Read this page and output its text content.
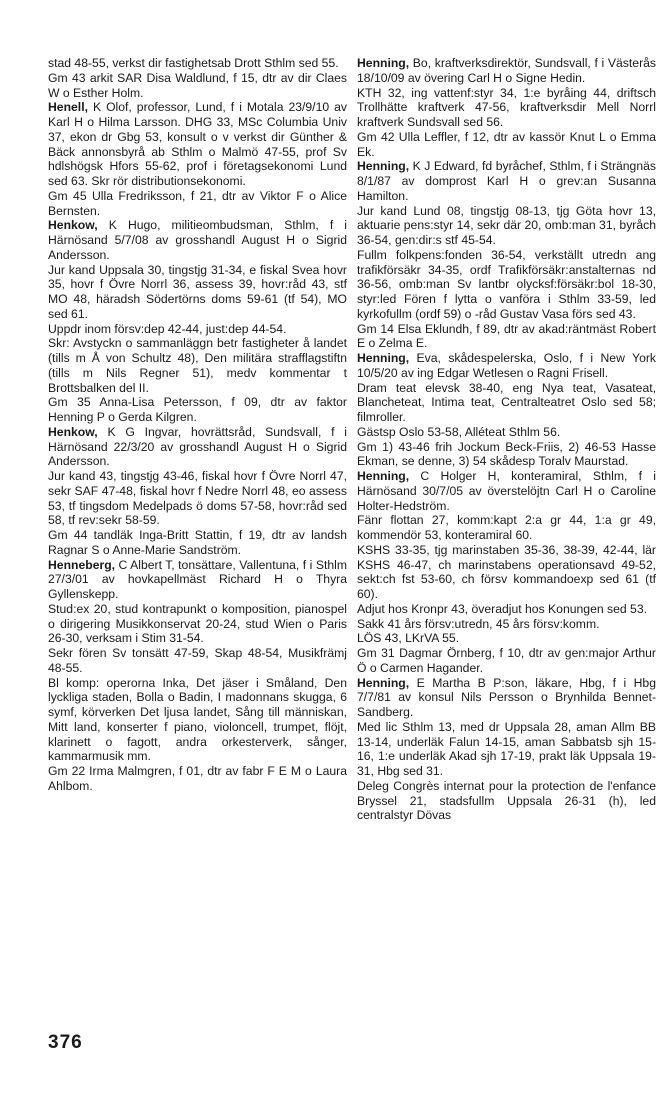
stad 48-55, verkst dir fastighetsab Drott Sthlm sed 55.

Gm 43 arkit SAR Disa Waldlund, f 15, dtr av dir Claes W o Esther Holm.

Henell, K Olof, professor, Lund, f i Motala 23/9/10 av Karl H o Hilma Larsson. DHG 33, MSc Columbia Univ 37, ekon dr Gbg 53, konsult o v verkst dir Günther & Bäck annonsbyrå ab Sthlm o Malmö 47-55, prof Sv hdlshögsk Hfors 55-62, prof i företagsekonomi Lund sed 63. Skr rör distributionsekonomi.

Gm 45 Ulla Fredriksson, f 21, dtr av Viktor F o Alice Bernsten.

Henkow, K Hugo, militieombudsman, Sthlm, f i Härnösand 5/7/08 av grosshandl August H o Sigrid Andersson.

Jur kand Uppsala 30, tingstjg 31-34, e fiskal Svea hovr 35, hovr f Övre Norrl 36, assess 39, hovr:råd 43, stf MO 48, häradsh Södertörns doms 59-61 (tf 54), MO sed 61.

Uppdr inom försv:dep 42-44, just:dep 44-54.

Skr: Avstyckn o sammanläggn betr fastigheter å landet (tills m Å von Schultz 48), Den militära strafflagstiftn (tills m Nils Regner 51), medv kommentar t Brottsbalken del II.

Gm 35 Anna-Lisa Petersson, f 09, dtr av faktor Henning P o Gerda Kilgren.

Henkow, K G Ingvar, hovrättsråd, Sundsvall, f i Härnösand 22/3/20 av grosshandl August H o Sigrid Andersson.

Jur kand 43, tingstjg 43-46, fiskal hovr f Övre Norrl 47, sekr SAF 47-48, fiskal hovr f Nedre Norrl 48, eo assess 53, tf tingsdom Medelpads ö doms 57-58, hovr:råd sed 58, tf rev:sekr 58-59.

Gm 44 tandläk Inga-Britt Stattin, f 19, dtr av landsh Ragnar S o Anne-Marie Sandström.

Henneberg, C Albert T, tonsättare, Vallentuna, f i Sthlm 27/3/01 av hovkapellmäst Richard H o Thyra Gyllenskepp.

Stud:ex 20, stud kontrapunkt o komposition, pianospel o dirigering Musikkonservat 20-24, stud Wien o Paris 26-30, verksam i Stim 31-54.

Sekr fören Sv tonsätt 47-59, Skap 48-54, Musikfrämj 48-55.

Bl komp: operorna Inka, Det jäser i Småland, Den lyckliga staden, Bolla o Badin, I madonnans skugga, 6 symf, körverken Det ljusa landet, Sång till människan, Mitt land, konserter f piano, violoncell, trumpet, flöjt, klarinett o fagott, andra orkesterverk, sånger, kammarmusik mm.

Gm 22 Irma Malmgren, f 01, dtr av fabr F E M o Laura Ahlbom.

Henning, Bo, kraftverksdirektör, Sundsvall, f i Västerås 18/10/09 av övering Carl H o Signe Hedin.

KTH 32, ing vattenf:styr 34, 1:e byråing 44, driftsch Trollhätte kraftverk 47-56, kraftverksdir Mell Norrl kraftverk Sundsvall sed 56.

Gm 42 Ulla Leffler, f 12, dtr av kassör Knut L o Emma Ek.

Henning, K J Edward, fd byråchef, Sthlm, f i Strängnäs 8/1/87 av domprost Karl H o grev:an Susanna Hamilton.

Jur kand Lund 08, tingstjg 08-13, tjg Göta hovr 13, aktuarie pens:styr 14, sekr där 20, omb:man 31, byråch 36-54, gen:dir:s stf 45-54.

Fullm folkpens:fonden 36-54, verkställt utredn ang trafikförsäkr 34-35, ordf Trafikförsäkr:anstalternas nd 36-56, omb:man Sv lantbr olycksf:försäkr:bol 18-30, styr:led Fören f lytta o vanföra i Sthlm 33-59, led kyrkofullm (ordf 59) o -råd Gustav Vasa förs sed 43.

Gm 14 Elsa Eklundh, f 89, dtr av akad:räntmäst Robert E o Zelma E.

Henning, Eva, skådespelerska, Oslo, f i New York 10/5/20 av ing Edgar Wetlesen o Ragni Frisell.

Dram teat elevsk 38-40, eng Nya teat, Vasateat, Blancheteat, Intima teat, Centralteatret Oslo sed 58; filmroller.

Gästsp Oslo 53-58, Alléteat Sthlm 56.

Gm 1) 43-46 frih Jockum Beck-Friis, 2) 46-53 Hasse Ekman, se denne, 3) 54 skådesp Toralv Maurstad.

Henning, C Holger H, konteramiral, Sthlm, f i Härnösand 30/7/05 av överstelöjtn Carl H o Caroline Holter-Hedström.

Fänr flottan 27, komm:kapt 2:a gr 44, 1:a gr 49, kommendör 53, konteramiral 60.

KSHS 33-35, tjg marinstaben 35-36, 38-39, 42-44, lär KSHS 46-47, ch marinstabens operationsavd 49-52, sekt:ch fst 53-60, ch försv kommandoexp sed 61 (tf 60).

Adjut hos Kronpr 43, överadjut hos Konungen sed 53.

Sakk 41 års försv:utredn, 45 års försv:komm.

LÖS 43, LKrVA 55.

Gm 31 Dagmar Örnberg, f 10, dtr av gen:major Arthur Ö o Carmen Hagander.

Henning, E Martha B P:son, läkare, Hbg, f i Hbg 7/7/81 av konsul Nils Persson o Brynhilda Bennet-Sandberg.

Med lic Sthlm 13, med dr Uppsala 28, aman Allm BB 13-14, underläk Falun 14-15, aman Sabbatsb sjh 15-16, 1:e underläk Akad sjh 17-19, prakt läk Uppsala 19-31, Hbg sed 31.

Deleg Congrès internat pour la protection de l'enfance Bryssel 21, stadsfullm Uppsala 26-31 (h), led centralstyr Dövas

376
